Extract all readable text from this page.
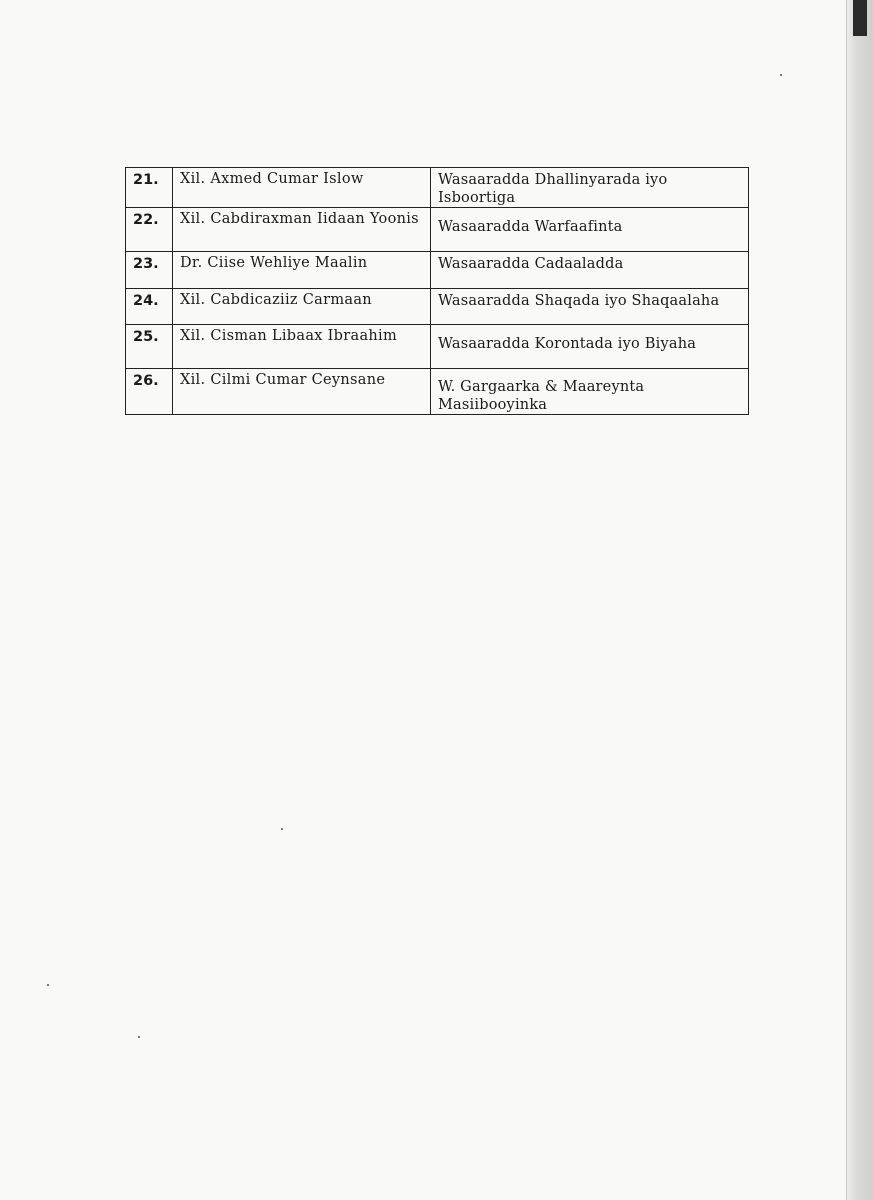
21.	Xil. Axmed Cumar Islow	Wasaaradda Dhallinyarada iyo Isboortiga

22.	Xil. Cabdiraxman Iidaan Yoonis	Wasaaradda Warfaafinta

23.	Dr. Ciise Wehliye Maalin	Wasaaradda Cadaaladda

24.	Xil. Cabdicaziiz Carmaan	Wasaaradda Shaqada iyo Shaqaalaha

25.	Xil. Cisman Libaax Ibraahim	Wasaaradda Korontada iyo Biyaha

26.	Xil. Cilmi Cumar Ceynsane	W. Gargaarka & Maareynta Masiibooyinka
